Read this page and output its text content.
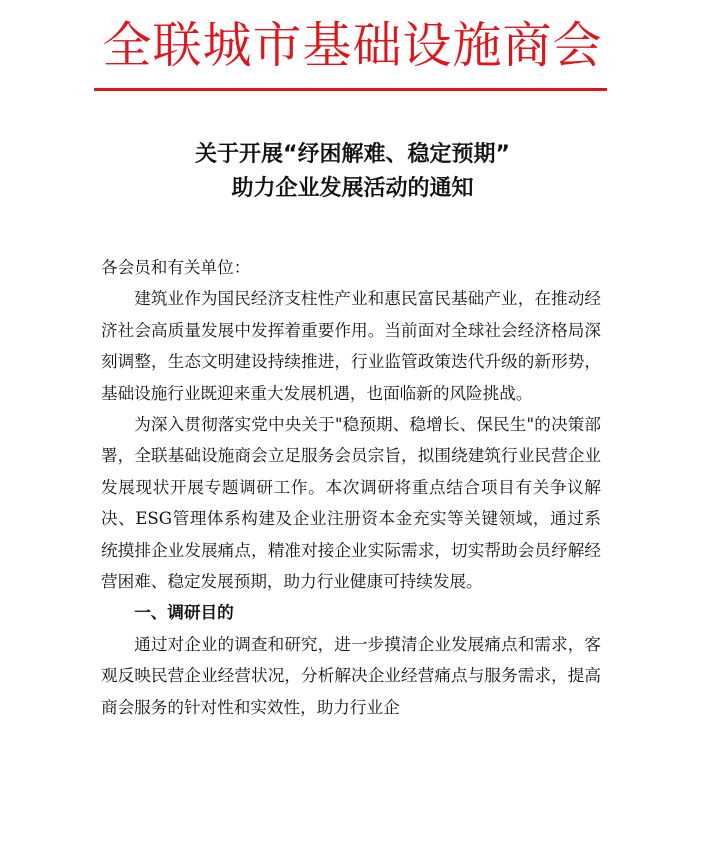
全联城市基础设施商会
关于开展“纾困解难、稳定预期”
助力企业发展活动的通知

各会员和有关单位：

建筑业作为国民经济支柱性产业和惠民富民基础产业，在推动经济社会高质量发展中发挥着重要作用。当前面对全球社会经济格局深刻调整，生态文明建设持续推进，行业监管政策迭代升级的新形势，基础设施行业既迎来重大发展机遇，也面临新的风险挑战。

为深入贯彻落实党中央关于"稳预期、稳增长、保民生"的决策部署，全联基础设施商会立足服务会员宗旨，拟围绕建筑行业民营企业发展现状开展专题调研工作。本次调研将重点结合项目有关争议解决、ESG管理体系构建及企业注册资本金充实等关键领域，通过系统摸排企业发展痛点，精准对接企业实际需求，切实帮助会员纾解经营困难、稳定发展预期，助力行业健康可持续发展。

一、调研目的

通过对企业的调查和研究，进一步摸清企业发展痛点和需求，客观反映民营企业经营状况，分析解决企业经营痛点与服务需求，提高商会服务的针对性和实效性，助力行业企
